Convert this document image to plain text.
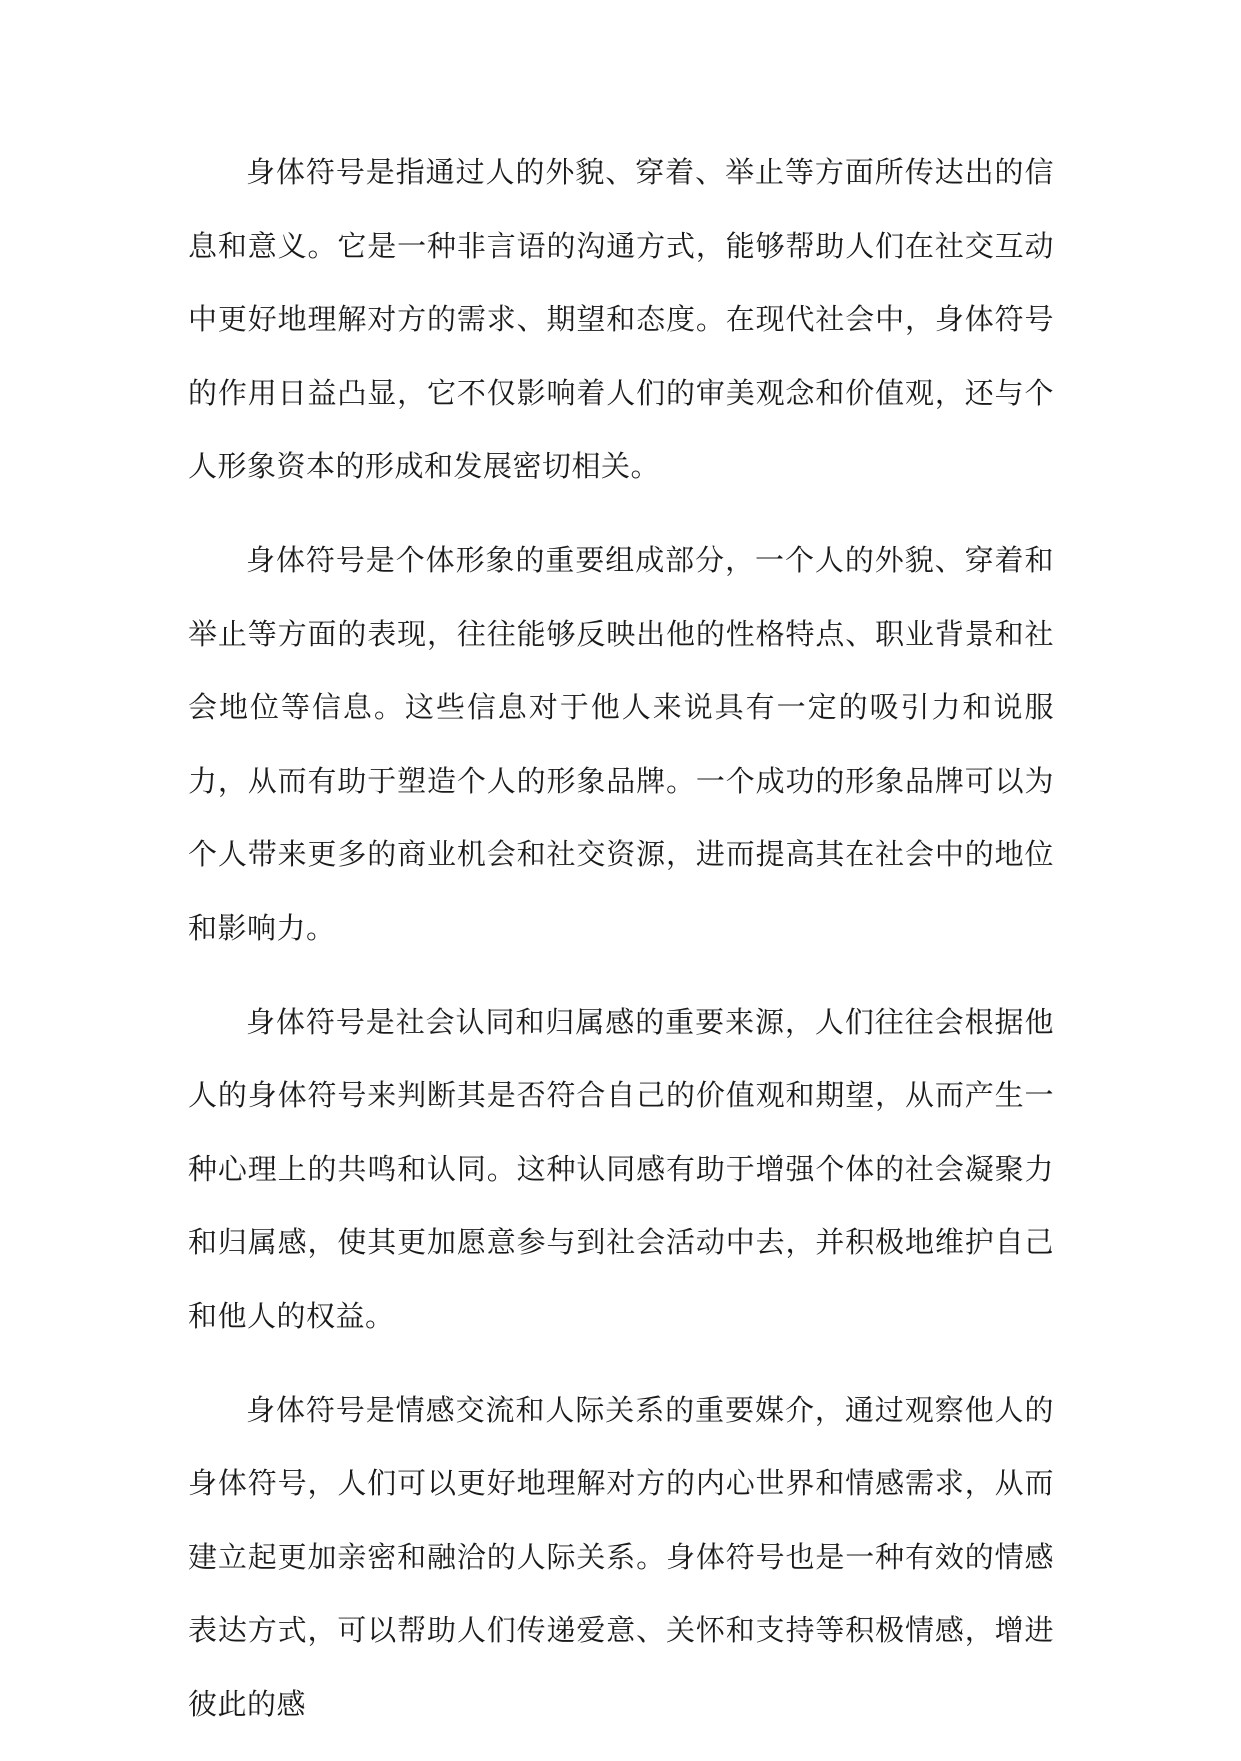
身体符号是指通过人的外貌、穿着、举止等方面所传达出的信息和意义。它是一种非言语的沟通方式，能够帮助人们在社交互动中更好地理解对方的需求、期望和态度。在现代社会中，身体符号的作用日益凸显，它不仅影响着人们的审美观念和价值观，还与个人形象资本的形成和发展密切相关。

身体符号是个体形象的重要组成部分，一个人的外貌、穿着和举止等方面的表现，往往能够反映出他的性格特点、职业背景和社会地位等信息。这些信息对于他人来说具有一定的吸引力和说服力，从而有助于塑造个人的形象品牌。一个成功的形象品牌可以为个人带来更多的商业机会和社交资源，进而提高其在社会中的地位和影响力。

身体符号是社会认同和归属感的重要来源，人们往往会根据他人的身体符号来判断其是否符合自己的价值观和期望，从而产生一种心理上的共鸣和认同。这种认同感有助于增强个体的社会凝聚力和归属感，使其更加愿意参与到社会活动中去，并积极地维护自己和他人的权益。

身体符号是情感交流和人际关系的重要媒介，通过观察他人的身体符号，人们可以更好地理解对方的内心世界和情感需求，从而建立起更加亲密和融洽的人际关系。身体符号也是一种有效的情感表达方式，可以帮助人们传递爱意、关怀和支持等积极情感，增进彼此的感
